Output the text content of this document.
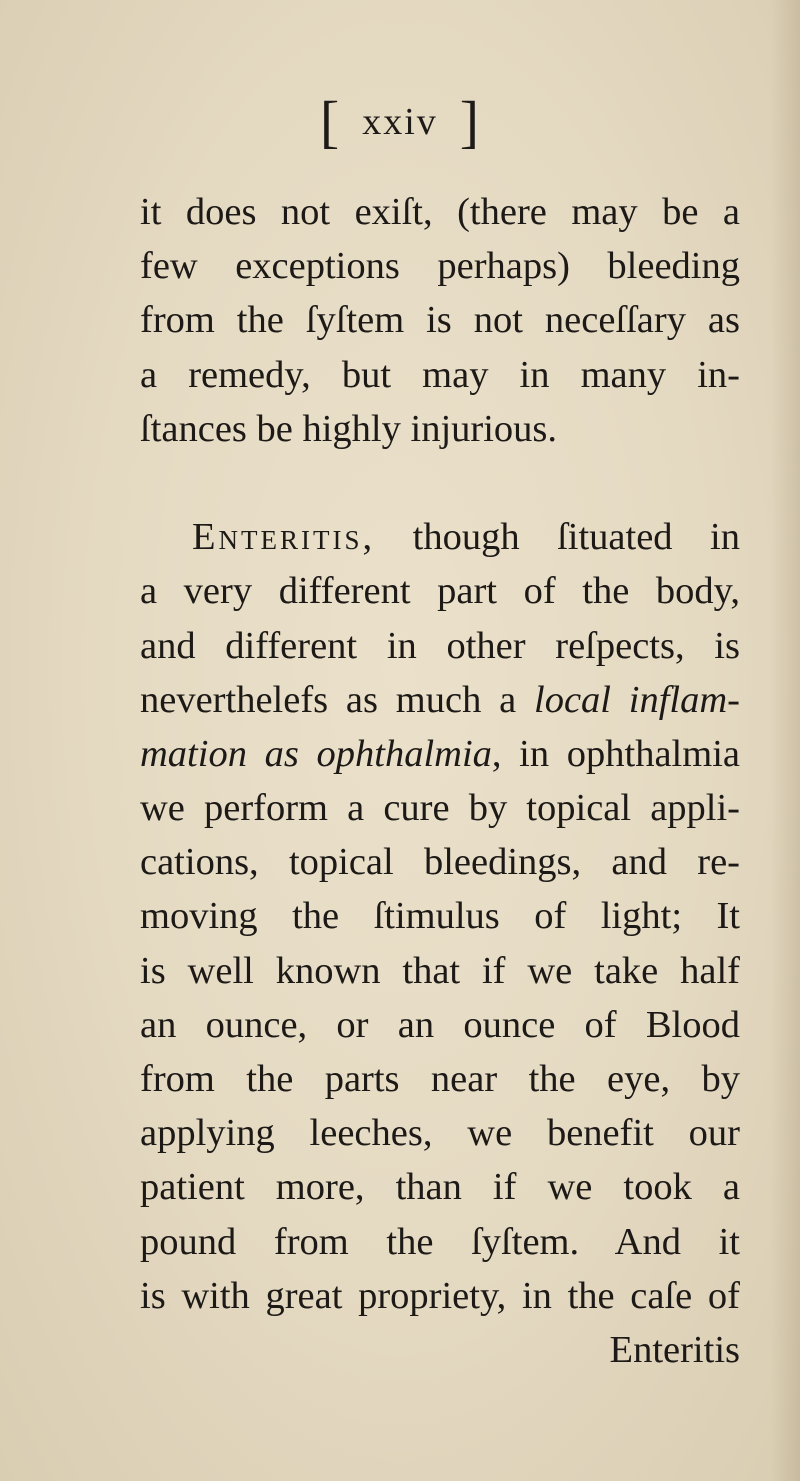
[ xxiv ]
it does not exiſt, (there may be a
few exceptions perhaps) bleeding
from the ſyſtem is not neceſſary as
a remedy, but may in many in-
ſtances be highly injurious.
Enteritis, though ſituated in
a very different part of the body,
and different in other reſpects, is
neverthelefs as much a local inflam-
mation as ophthalmia, in ophthalmia
we perform a cure by topical appli-
cations, topical bleedings, and re-
moving the ſtimulus of light; It
is well known that if we take half
an ounce, or an ounce of Blood
from the parts near the eye, by
applying leeches, we benefit our
patient more, than if we took a
pound from the ſyſtem. And it
is with great propriety, in the caſe of
Enteritis
